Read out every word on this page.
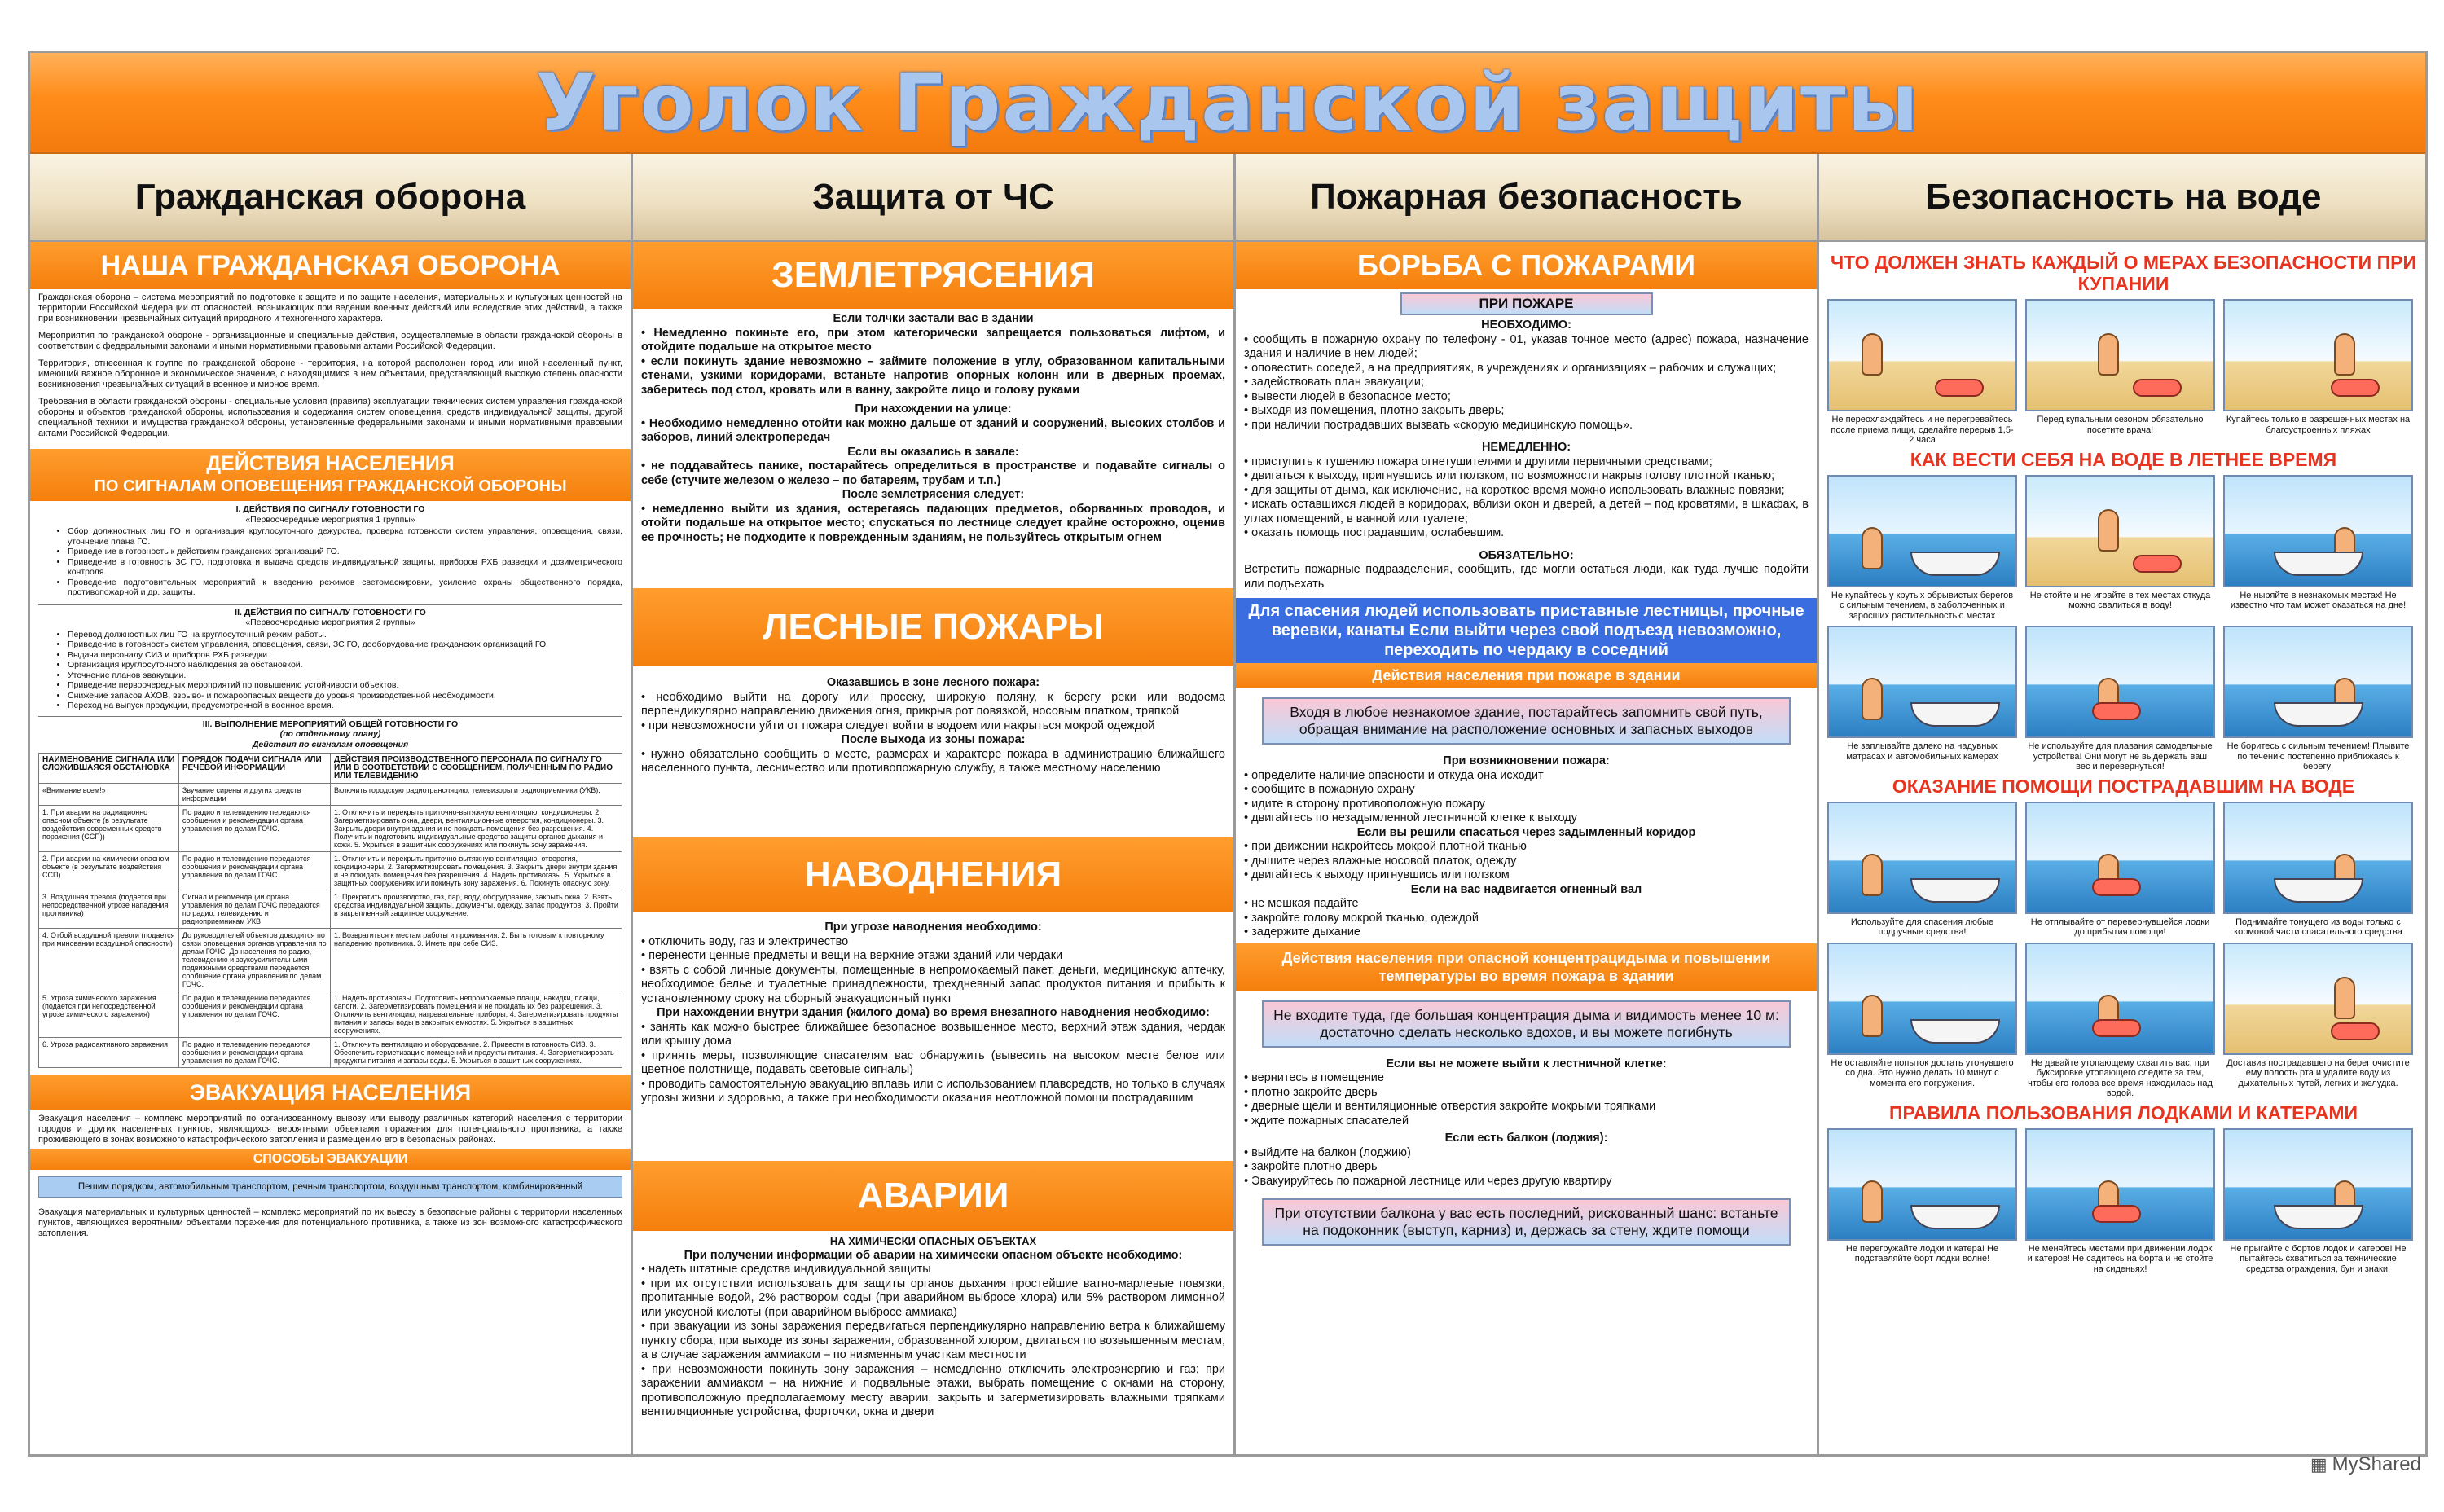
Уголок Гражданской защиты
Гражданская оборона
НАША ГРАЖДАНСКАЯ ОБОРОНА

Гражданская оборона – система мероприятий по подготовке к защите и по защите населения, материальных и культурных ценностей на территории Российской Федерации от опасностей, возникающих при ведении военных действий или вследствие этих действий, а также при возникновении чрезвычайных ситуаций природного и техногенного характера.

Мероприятия по гражданской обороне - организационные и специальные действия, осуществляемые в области гражданской обороны в соответствии с федеральными законами и иными нормативными правовыми актами Российской Федерации.

Территория, отнесенная к группе по гражданской обороне - территория, на которой расположен город или иной населенный пункт, имеющий важное оборонное и экономическое значение, с находящимися в нем объектами, представляющий высокую степень опасности возникновения чрезвычайных ситуаций в военное и мирное время.

Требования в области гражданской обороны - специальные условия (правила) эксплуатации технических систем управления гражданской обороны и объектов гражданской обороны, использования и содержания систем оповещения, средств индивидуальной защиты, другой специальной техники и имущества гражданской обороны, установленные федеральными законами и иными нормативными правовыми актами Российской Федерации.

ДЕЙСТВИЯ НАСЕЛЕНИЯ
ПО СИГНАЛАМ ОПОВЕЩЕНИЯ ГРАЖДАНСКОЙ ОБОРОНЫ
I. ДЕЙСТВИЯ ПО СИГНАЛУ ГОТОВНОСТИ ГО
«Первоочередные мероприятия 1 группы»
• Сбор должностных лиц ГО и организация круглосуточного дежурства, проверка готовности систем управления, оповещения, связи, уточнение плана ГО.
• Приведение в готовность к действиям гражданских организаций ГО.
• Приведение в готовность ЗС ГО, подготовка и выдача средств индивидуальной защиты, приборов РХБ разведки и дозиметрического контроля.
• Проведение подготовительных мероприятий к введению режимов светомаскировки, усиление охраны общественного порядка, противопожарной и др. защиты.
II. ДЕЙСТВИЯ ПО СИГНАЛУ ГОТОВНОСТИ ГО
«Первоочередные мероприятия 2 группы»
• Перевод должностных лиц ГО на круглосуточный режим работы.
• Приведение в готовность систем управления, оповещения, связи, ЗС ГО, дооборудование гражданских организаций ГО.
• Выдача персоналу СИЗ и приборов РХБ разведки.
• Организация круглосуточного наблюдения за обстановкой.
• Уточнение планов эвакуации.
• Приведение первоочередных мероприятий по повышению устойчивости объектов.
• Снижение запасов АХОВ, взрыво- и пожароопасных веществ до уровня производственной необходимости.
• Переход на выпуск продукции, предусмотренной в военное время.
III. ВЫПОЛНЕНИЕ МЕРОПРИЯТИЙ ОБЩЕЙ ГОТОВНОСТИ ГО
(по отдельному плану)
Действия по сигналам оповещения
НАИМЕНОВАНИЕ СИГНАЛА ИЛИ СЛОЖИВШАЯСЯ ОБСТАНОВКА	ПОРЯДОК ПОДАЧИ СИГНАЛА ИЛИ РЕЧЕВОЙ ИНФОРМАЦИИ	ДЕЙСТВИЯ ПРОИЗВОДСТВЕННОГО ПЕРСОНАЛА ПО СИГНАЛУ ГО ИЛИ В СООТВЕТСТВИИ С СООБЩЕНИЕМ, ПОЛУЧЕННЫМ ПО РАДИО ИЛИ ТЕЛЕВИДЕНИЮ
«Внимание всем!»	Звучание сирены и других средств информации	Включить городскую радиотрансляцию, телевизоры и радиоприемники (УКВ).
1. При аварии на радиационно опасном объекте (в результате воздействия современных средств поражения (ССП))	По радио и телевидению передаются сообщения и рекомендации органа управления по делам ГОЧС.	1. Отключить и перекрыть приточно-вытяжную вентиляцию, кондиционеры. 2. Загерметизировать окна, двери, вентиляционные отверстия, кондиционеры. 3. Закрыть двери внутри здания и не покидать помещения без разрешения. 4. Получить и подготовить индивидуальные средства защиты органов дыхания и кожи. 5. Укрыться в защитных сооружениях или покинуть зону заражения.
2. При аварии на химически опасном объекте (в результате воздействия ССП)	По радио и телевидению передаются сообщения и рекомендации органа управления по делам ГОЧС.	1. Отключить и перекрыть приточно-вытяжную вентиляцию, отверстия, кондиционеры. 2. Загерметизировать помещения. 3. Закрыть двери внутри здания и не покидать помещения без разрешения. 4. Надеть противогазы. 5. Укрыться в защитных сооружениях или покинуть зону заражения. 6. Покинуть опасную зону.
3. Воздушная тревога (подается при непосредственной угрозе нападения противника)	Сигнал и рекомендации органа управления по делам ГОЧС передаются по радио, телевидению и радиоприемникам УКВ	1. Прекратить производство, газ, пар, воду, оборудование, закрыть окна. 2. Взять средства индивидуальной защиты, документы, одежду, запас продуктов. 3. Пройти в закрепленный защитное сооружение.
4. Отбой воздушной тревоги (подается при миновании воздушной опасности)	До руководителей объектов доводится по связи оповещения органов управления по делам ГОЧС. До населения по радио, телевидению и звукоусилительными подвижными средствами передается сообщение органа управления по делам ГОЧС.	1. Возвратиться к местам работы и проживания. 2. Быть готовым к повторному нападению противника. 3. Иметь при себе СИЗ.
5. Угроза химического заражения (подается при непосредственной угрозе химического заражения)	По радио и телевидению передаются сообщения и рекомендации органа управления по делам ГОЧС.	1. Надеть противогазы. Подготовить непромокаемые плащи, накидки, плащи, сапоги. 2. Загерметизировать помещения и не покидать их без разрешения. 3. Отключить вентиляцию, нагревательные приборы. 4. Загерметизировать продукты питания и запасы воды в закрытых емкостях. 5. Укрыться в защитных сооружениях.
6. Угроза радиоактивного заражения	По радио и телевидению передаются сообщения и рекомендации органа управления по делам ГОЧС.	1. Отключить вентиляцию и оборудование. 2. Привести в готовность СИЗ. 3. Обеспечить герметизацию помещений и продукты питания. 4. Загерметизировать продукты питания и запасы воды. 5. Укрыться в защитных сооружениях.
ЭВАКУАЦИЯ НАСЕЛЕНИЯ
Эвакуация населения – комплекс мероприятий по организованному вывозу или выводу различных категорий населения с территории городов и других населенных пунктов, являющихся вероятными объектами поражения для потенциального противника, а также проживающего в зонах возможного катастрофического затопления и размещению его в безопасных районах.
СПОСОБЫ ЭВАКУАЦИИ
Пешим порядком, автомобильным транспортом, речным транспортом, воздушным транспортом, комбинированный
Эвакуация материальных и культурных ценностей – комплекс мероприятий по их вывозу в безопасные районы с территории населенных пунктов, являющихся вероятными объектами поражения для потенциального противника, а также из зон возможного катастрофического затопления.
Защита от ЧС
ЗЕМЛЕТРЯСЕНИЯ
Если толчки застали вас в здании
• Немедленно покиньте его, при этом категорически запрещается пользоваться лифтом, и отойдите подальше на открытое место
• если покинуть здание невозможно – займите положение в углу, образованном капитальными стенами, узкими коридорами, встаньте напротив опорных колонн или в дверных проемах, заберитесь под стол, кровать или в ванну, закройте лицо и голову руками
При нахождении на улице:
• Необходимо немедленно отойти как можно дальше от зданий и сооружений, высоких столбов и заборов, линий электропередач
Если вы оказались в завале:
• не поддавайтесь панике, постарайтесь определиться в пространстве и подавайте сигналы о себе (стучите железом о железо – по батареям, трубам и т.п.)
После землетрясения следует:
• немедленно выйти из здания, остерегаясь падающих предметов, оборванных проводов, и отойти подальше на открытое место; спускаться по лестнице следует крайне осторожно, оценив ее прочность; не подходите к поврежденным зданиям, не пользуйтесь открытым огнем
ЛЕСНЫЕ ПОЖАРЫ
Оказавшись в зоне лесного пожара:
• необходимо выйти на дорогу или просеку, широкую поляну, к берегу реки или водоема перпендикулярно направлению движения огня, прикрыв рот повязкой, носовым платком, тряпкой
• при невозможности уйти от пожара следует войти в водоем или накрыться мокрой одеждой
После выхода из зоны пожара:
• нужно обязательно сообщить о месте, размерах и характере пожара в администрацию ближайшего населенного пункта, лесничество или противопожарную службу, а также местному населению
НАВОДНЕНИЯ
При угрозе наводнения необходимо:
• отключить воду, газ и электричество
• перенести ценные предметы и вещи на верхние этажи зданий или чердаки
• взять с собой личные документы, помещенные в непромокаемый пакет, деньги, медицинскую аптечку, необходимое белье и туалетные принадлежности, трехдневный запас продуктов питания и прибыть к установленному сроку на сборный эвакуационный пункт
При нахождении внутри здания (жилого дома) во время внезапного наводнения необходимо:
• занять как можно быстрее ближайшее безопасное возвышенное место, верхний этаж здания, чердак или крышу дома
• принять меры, позволяющие спасателям вас обнаружить (вывесить на высоком месте белое или цветное полотнище, подавать световые сигналы)
• проводить самостоятельную эвакуацию вплавь или с использованием плавсредств, но только в случаях угрозы жизни и здоровью, а также при необходимости оказания неотложной помощи пострадавшим
АВАРИИ
НА ХИМИЧЕСКИ ОПАСНЫХ ОБЪЕКТАХ
При получении информации об аварии на химически опасном объекте необходимо:
• надеть штатные средства индивидуальной защиты
• при их отсутствии использовать для защиты органов дыхания простейшие ватно-марлевые повязки, пропитанные водой, 2% раствором соды (при аварийном выбросе хлора) или 5% раствором лимонной или уксусной кислоты (при аварийном выбросе аммиака)
• при эвакуации из зоны заражения передвигаться перпендикулярно направлению ветра к ближайшему пункту сбора, при выходе из зоны заражения, образованной хлором, двигаться по возвышенным местам, а в случае заражения аммиаком – по низменным участкам местности
• при невозможности покинуть зону заражения – немедленно отключить электроэнергию и газ; при заражении аммиаком – на нижние и подвальные этажи, выбрать помещение с окнами на сторону, противоположную предполагаемому месту аварии, закрыть и загерметизировать влажными тряпками вентиляционные устройства, форточки, окна и двери
Пожарная безопасность
БОРЬБА С ПОЖАРАМИ
ПРИ ПОЖАРЕ
НЕОБХОДИМО:
• сообщить в пожарную охрану по телефону - 01, указав точное место (адрес) пожара, назначение здания и наличие в нем людей;
• оповестить соседей, а на предприятиях, в учреждениях и организациях – рабочих и служащих;
• задействовать план эвакуации;
• вывести людей в безопасное место;
• выходя из помещения, плотно закрыть дверь;
• при наличии пострадавших вызвать «скорую медицинскую помощь».
НЕМЕДЛЕННО:
• приступить к тушению пожара огнетушителями и другими первичными средствами;
• двигаться к выходу, пригнувшись или ползком, по возможности накрыв голову плотной тканью;
• для защиты от дыма, как исключение, на короткое время можно использовать влажные повязки;
• искать оставшихся людей в коридорах, вблизи окон и дверей, а детей – под кроватями, в шкафах, в углах помещений, в ванной или туалете;
• оказать помощь пострадавшим, ослабевшим.
ОБЯЗАТЕЛЬНО:
Встретить пожарные подразделения, сообщить, где могли остаться люди, как туда лучше подойти или подъехать
Для спасения людей использовать приставные лестницы, прочные веревки, канаты Если выйти через свой подъезд невозможно, переходить по чердаку в соседний
Действия населения при пожаре в здании
Входя в любое незнакомое здание, постарайтесь запомнить свой путь, обращая внимание на расположение основных и запасных выходов
При возникновении пожара:
• определите наличие опасности и откуда она исходит
• сообщите в пожарную охрану
• идите в сторону противоположную пожару
• двигайтесь по незадымленной лестничной клетке к выходу
Если вы решили спасаться через задымленный коридор
• при движении накройтесь мокрой плотной тканью
• дышите через влажные носовой платок, одежду
• двигайтесь к выходу пригнувшись или ползком
Если на вас надвигается огненный вал
• не мешкая падайте
• закройте голову мокрой тканью, одеждой
• задержите дыхание
Действия населения при опасной концентрацидыма и повышении температуры во время пожара в здании
Не входите туда, где большая концентрация дыма и видимость менее 10 м: достаточно сделать несколько вдохов, и вы можете погибнуть
Если вы не можете выйти к лестничной клетке:
• вернитесь в помещение
• плотно закройте дверь
• дверные щели и вентиляционные отверстия закройте мокрыми тряпками
• ждите пожарных спасателей
Если есть балкон (лоджия):
• выйдите на балкон (лоджию)
• закройте плотно дверь
• Эвакуируйтесь по пожарной лестнице или через другую квартиру
При отсутствии балкона у вас есть последний, рискованный шанс: встаньте на подоконник (выступ, карниз) и, держась за стену, ждите помощи
Безопасность на воде
ЧТО ДОЛЖЕН ЗНАТЬ КАЖДЫЙ О МЕРАХ БЕЗОПАСНОСТИ ПРИ КУПАНИИ
Не переохлаждайтесь и не перегревайтесь после приема пищи, сделайте перерыв 1,5-2 часа
Перед купальным сезоном обязательно посетите врача!
Купайтесь только в разрешенных местах на благоустроенных пляжах
КАК ВЕСТИ СЕБЯ НА ВОДЕ В ЛЕТНЕЕ ВРЕМЯ
Не купайтесь у крутых обрывистых берегов с сильным течением, в заболоченных и заросших растительностью местах
Не стойте и не играйте в тех местах откуда можно свалиться в воду!
Не ныряйте в незнакомых местах! Не известно что там может оказаться на дне!
Не заплывайте далеко на надувных матрасах и автомобильных камерах
Не используйте для плавания самодельные устройства! Они могут не выдержать ваш вес и перевернуться!
Не боритесь с сильным течением! Плывите по течению постепенно приближаясь к берегу!
ОКАЗАНИЕ ПОМОЩИ ПОСТРАДАВШИМ НА ВОДЕ
Используйте для спасения любые подручные средства!
Не отплывайте от перевернувшейся лодки до прибытия помощи!
Поднимайте тонущего из воды только с кормовой части спасательного средства
Не оставляйте попыток достать утонувшего со дна. Это нужно делать 10 минут с момента его погружения.
Не давайте утопающему схватить вас, при буксировке утопающего следите за тем, чтобы его голова все время находилась над водой.
Доставив пострадавшего на берег очистите ему полость рта и удалите воду из дыхательных путей, легких и желудка.
ПРАВИЛА ПОЛЬЗОВАНИЯ ЛОДКАМИ И КАТЕРАМИ
Не перегружайте лодки и катера! Не подставляйте борт лодки волне!
Не меняйтесь местами при движении лодок и катеров! Не садитесь на борта и не стойте на сиденьях!
Не прыгайте с бортов лодок и катеров! Не пытайтесь схватиться за технические средства ограждения, бун и знаки!
▦ MyShared
